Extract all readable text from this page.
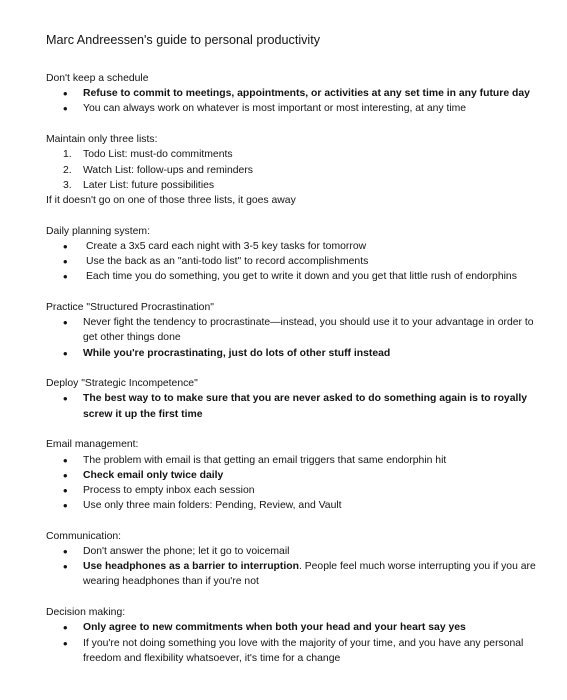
Marc Andreessen's guide to personal productivity

Don't keep a schedule

• Refuse to commit to meetings, appointments, or activities at any set time in any future day
• You can always work on whatever is most important or most interesting, at any time

Maintain only three lists:

1. Todo List: must-do commitments
2. Watch List: follow-ups and reminders
3. Later List: future possibilities

If it doesn't go on one of those three lists, it goes away

Daily planning system:

• Create a 3x5 card each night with 3-5 key tasks for tomorrow
• Use the back as an "anti-todo list" to record accomplishments
• Each time you do something, you get to write it down and you get that little rush of endorphins

Practice "Structured Procrastination"

• Never fight the tendency to procrastinate—instead, you should use it to your advantage in order to get other things done
• While you're procrastinating, just do lots of other stuff instead

Deploy "Strategic Incompetence"

• The best way to to make sure that you are never asked to do something again is to royally screw it up the first time

Email management:

• The problem with email is that getting an email triggers that same endorphin hit
• Check email only twice daily
• Process to empty inbox each session
• Use only three main folders: Pending, Review, and Vault

Communication:

• Don't answer the phone; let it go to voicemail
• Use headphones as a barrier to interruption. People feel much worse interrupting you if you are wearing headphones than if you're not

Decision making:

• Only agree to new commitments when both your head and your heart say yes
• If you're not doing something you love with the majority of your time, and you have any personal freedom and flexibility whatsoever, it's time for a change
